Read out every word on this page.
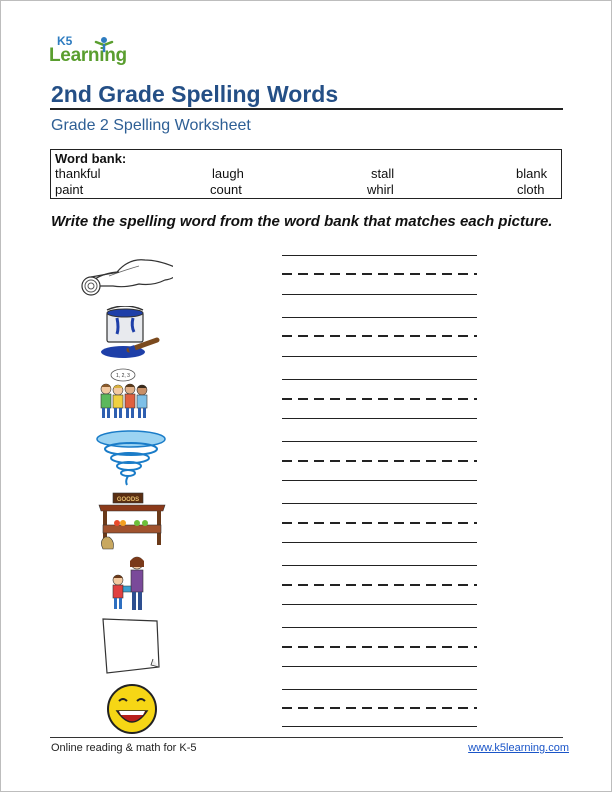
K5
Learning
2nd Grade Spelling Words
Grade 2 Spelling Worksheet
Word bank:
thankful	laugh	stall	blank
paint	count	whirl	cloth
Write the spelling word from the word bank that matches each picture.
1, 2, 3
GOODS
Online reading & math for K-5	www.k5learning.com
